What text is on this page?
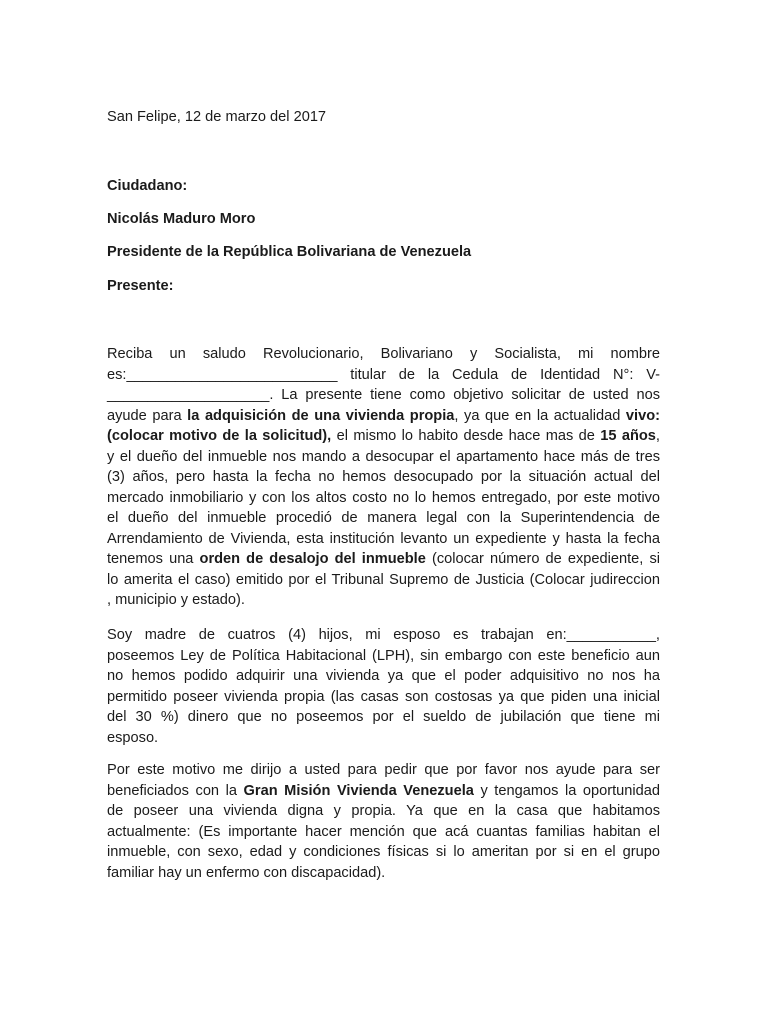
San Felipe, 12 de marzo del 2017
Ciudadano:
Nicolás Maduro Moro
Presidente de la República Bolivariana de Venezuela
Presente:
Reciba un saludo Revolucionario, Bolivariano y Socialista, mi nombre
es:__________________________ titular de la Cedula de Identidad N°: V-
____________________. La presente tiene como objetivo solicitar de usted nos
ayude para la adquisición de una vivienda propia, ya que en la actualidad vivo:
(colocar motivo de la solicitud), el mismo lo habito desde hace mas de 15 años,
y el dueño del inmueble nos mando a desocupar el apartamento hace más de tres
(3) años, pero hasta la fecha no hemos desocupado por la situación actual del
mercado inmobiliario y con los altos costo no lo hemos entregado, por este motivo
el dueño del inmueble procedió de manera legal con la Superintendencia de
Arrendamiento de Vivienda, esta institución levanto un expediente y hasta la fecha
tenemos una orden de desalojo del inmueble (colocar número de expediente, si
lo amerita el caso) emitido por el Tribunal Supremo de Justicia (Colocar judireccion
, municipio y estado).
Soy madre de cuatros (4) hijos, mi esposo es trabajan en:___________,
poseemos Ley de Política Habitacional (LPH), sin embargo con este beneficio aun
no hemos podido adquirir una vivienda ya que el poder adquisitivo no nos ha
permitido poseer vivienda propia (las casas son costosas ya que piden una inicial
del 30 %) dinero que no poseemos por el sueldo de jubilación que tiene mi
esposo.
Por este motivo me dirijo a usted para pedir que por favor nos ayude para ser
beneficiados con la Gran Misión Vivienda Venezuela y tengamos la oportunidad
de poseer una vivienda digna y propia. Ya que en la casa que habitamos
actualmente: (Es importante hacer mención que acá cuantas familias habitan el
inmueble, con sexo, edad y condiciones físicas si lo ameritan por si en el grupo
familiar hay un enfermo con discapacidad).
